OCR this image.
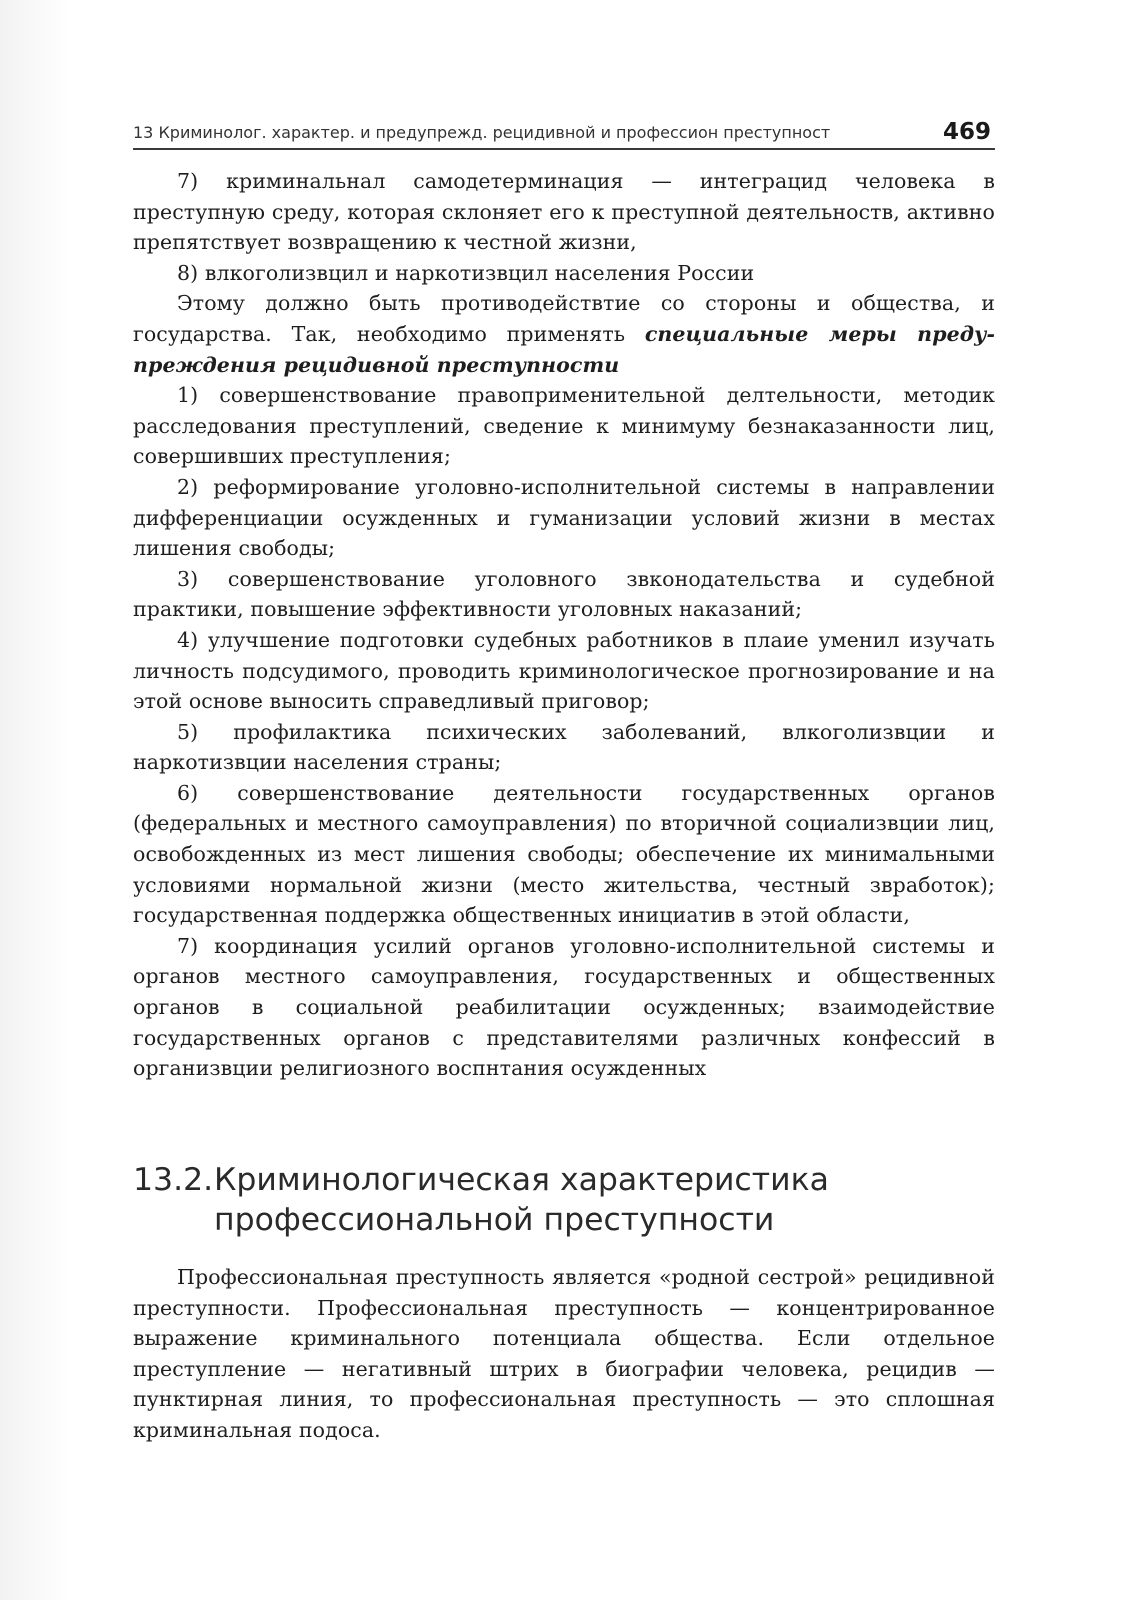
13 Криминолог. характер. и предупрежд. рецидивной и профессион преступност	469

7) криминальнал самодетерминация — интеграцид человека в преступную среду, которая склоняет его к преступной деятельноств, активно препятствует возвращению к честной жизни,

8) влкоголизвцил и наркотизвцил населения России

Этому должно быть противодействтие со стороны и общества, и государства. Так, необходимо применять специальные меры предупреждения рецидивной преступности

1) совершенствование правоприменительной делтельности, методик расследования преступлений, сведение к минимуму безнаказанности лиц, совершивших преступления;

2) реформирование уголовно-исполнительной системы в направлении дифференциации осужденных и гуманизации условий жизни в местах лишения свободы;

3) совершенствование уголовного звконодательства и судебной практики, повышение эффективности уголовных наказаний;

4) улучшение подготовки судебных работников в плаие уменил изучать личность подсудимого, проводить криминологическое прогнозирование и на этой основе выносить справедливый приговор;

5) профилактика психических заболеваний, влкоголизвции и наркотизвции населения страны;

6) совершенствование деятельности государственных органов (федеральных и местного самоуправления) по вторичной социализвции лиц, освобожденных из мест лишения свободы; обеспечение их минимальными условиями нормальной жизни (место жительства, честный звработок); государственная поддержка общественных инициатив в этой области,

7) координация усилий органов уголовно-исполнительной системы и органов местного самоуправления, государственных и общественных органов в социальной реабилитации осужденных; взаимодействие государственных органов с представителями различных конфессий в организвции религиозного воспнтания осужденных

13.2.Криминологическая характеристика
профессиональной преступности

Профессиональная преступность является «родной сестрой» рецидивной преступности. Профессиональная преступность — концентрированное выражение криминального потенциала общества. Если отдельное преступление — негативный штрих в биографии человека, рецидив — пунктирная линия, то профессиональная преступность — это сплошная криминальная подоса.
